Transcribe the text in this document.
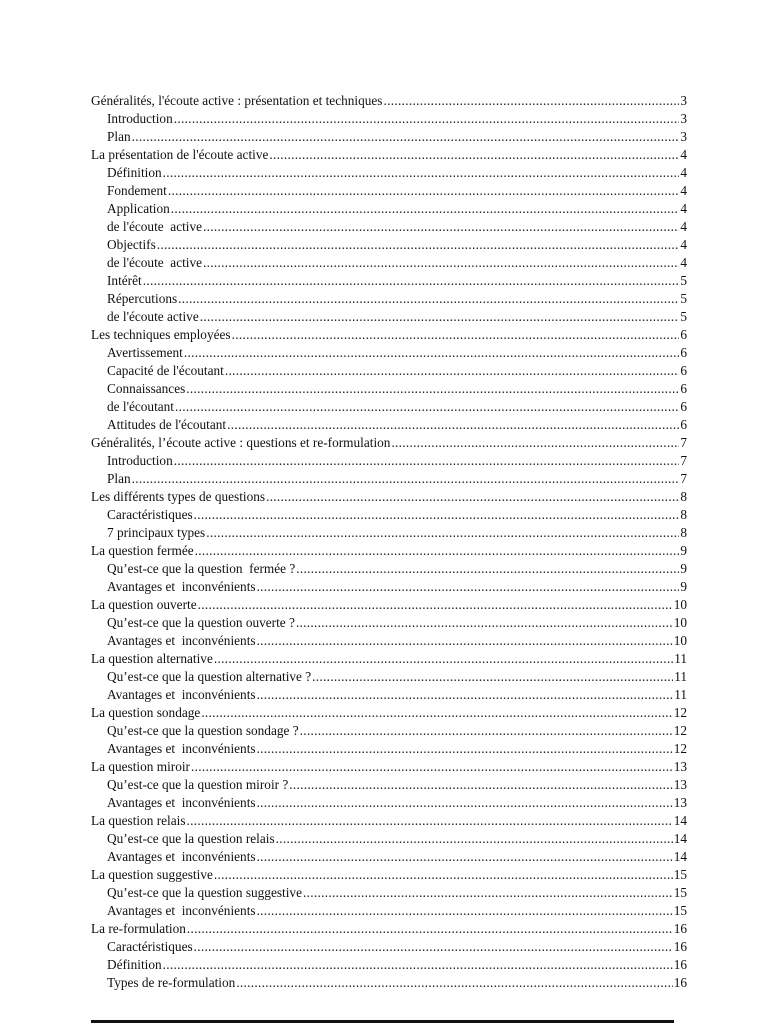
Généralités, l'écoute active : présentation et techniques .....	3
Introduction .....	3
Plan .....	3
La présentation de l'écoute active .....	4
Définition .....	4
Fondement .....	4
Application .....	4
de l'écoute  active .....	4
Objectifs .....	4
de l'écoute  active .....	4
Intérêt .....	5
Répercutions .....	5
de l'écoute active .....	5
Les techniques employées .....	6
Avertissement .....	6
Capacité de l'écoutant .....	6
Connaissances .....	6
de l'écoutant .....	6
Attitudes de l'écoutant .....	6
Généralités, l’écoute active : questions et re-formulation .....	7
Introduction .....	7
Plan .....	7
Les différents types de questions .....	8
Caractéristiques .....	8
7 principaux types .....	8
La question fermée .....	9
Qu’est-ce que la question  fermée ? .....	9
Avantages et  inconvénients .....	9
La question ouverte .....	10
Qu’est-ce que la question ouverte ? .....	10
Avantages et  inconvénients .....	10
La question alternative .....	11
Qu’est-ce que la question alternative ? .....	11
Avantages et  inconvénients .....	11
La question sondage .....	12
Qu’est-ce que la question sondage ? .....	12
Avantages et  inconvénients .....	12
La question miroir .....	13
Qu’est-ce que la question miroir ? .....	13
Avantages et  inconvénients .....	13
La question relais .....	14
Qu’est-ce que la question relais .....	14
Avantages et  inconvénients .....	14
La question suggestive .....	15
Qu’est-ce que la question suggestive .....	15
Avantages et  inconvénients .....	15
La re-formulation .....	16
Caractéristiques .....	16
Définition .....	16
Types de re-formulation .....	16
